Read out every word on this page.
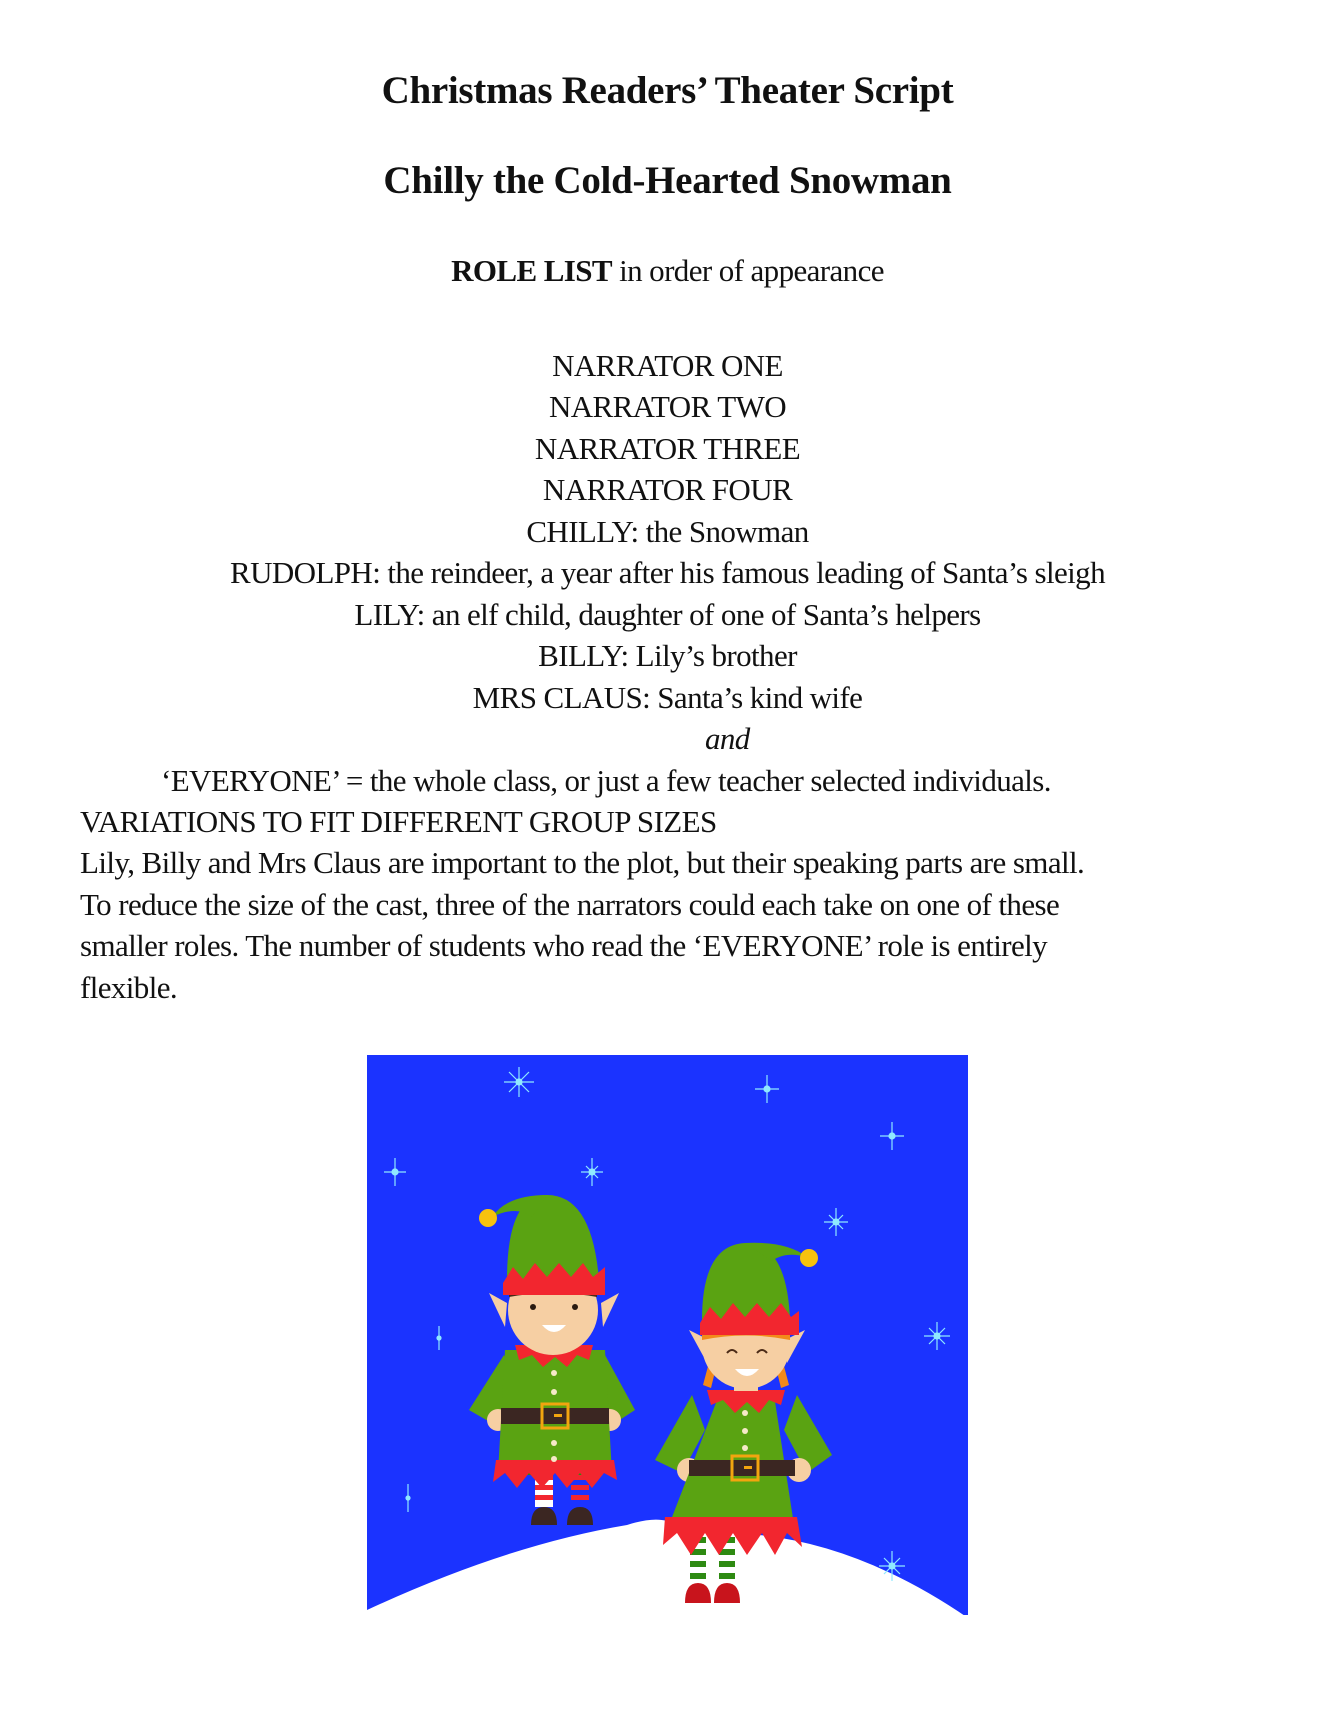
Christmas Readers’ Theater Script
Chilly the Cold-Hearted Snowman
ROLE LIST in order of appearance
NARRATOR ONE
NARRATOR TWO
NARRATOR THREE
NARRATOR FOUR
CHILLY: the Snowman
RUDOLPH: the reindeer, a year after his famous leading of Santa’s sleigh
LILY: an elf child, daughter of one of Santa’s helpers
BILLY: Lily’s brother
MRS CLAUS: Santa’s kind wife
and
‘EVERYONE’ = the whole class, or just a few teacher selected individuals.
VARIATIONS TO FIT DIFFERENT GROUP SIZES
Lily, Billy and Mrs Claus are important to the plot, but their speaking parts are small.
To reduce the size of the cast, three of the narrators could each take on one of these
smaller roles. The number of students who read the ‘EVERYONE’ role is entirely
flexible.
